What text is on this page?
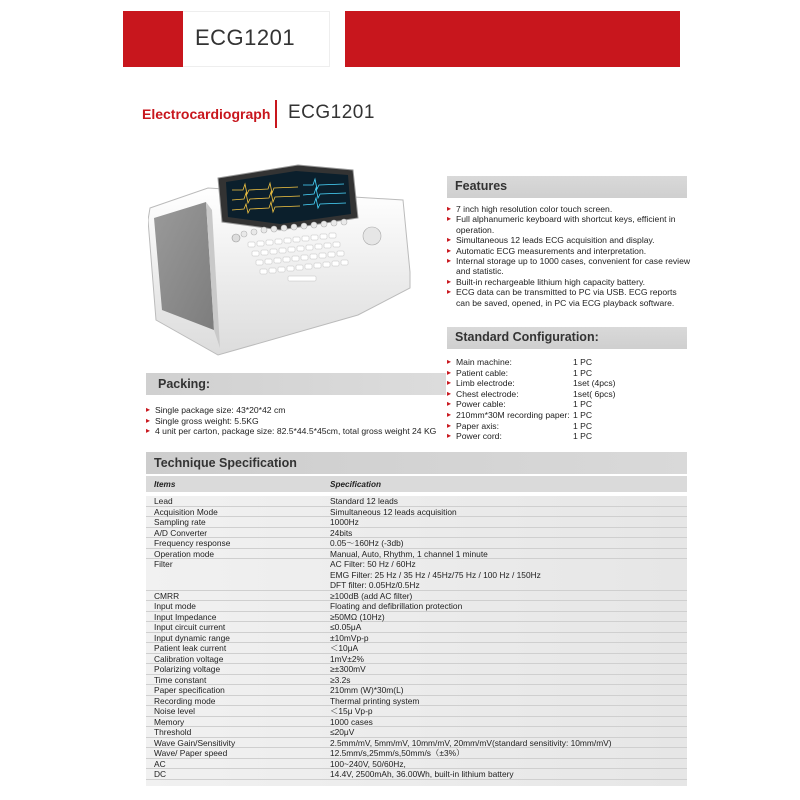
ECG1201
Electrocardiograph ECG1201
Features
▸ 7 inch high resolution color touch screen.
▸ Full alphanumeric keyboard with shortcut keys, efficient in operation.
▸ Simultaneous 12 leads ECG acquisition and display.
▸ Automatic ECG measurements and interpretation.
▸ Internal storage up to 1000 cases, convenient for case review and statistic.
▸ Built-in rechargeable lithium high capacity battery.
▸ ECG data can be transmitted to PC via USB. ECG reports can be saved, opened, in PC via ECG playback software.
Standard Configuration:
▸ Main machine:	1 PC
▸ Patient cable:	1 PC
▸ Limb electrode:	1set (4pcs)
▸ Chest electrode:	1set( 6pcs)
▸ Power cable:	1 PC
▸ 210mm*30M recording paper: 1 PC
▸ Paper axis:	1 PC
▸ Power cord:	1 PC
Packing:
▸ Single package size: 43*20*42 cm
▸ Single gross weight: 5.5KG
▸ 4 unit per carton, package size: 82.5*44.5*45cm, total gross weight 24 KG
Technique Specification
Items	Specification
Lead	Standard 12 leads
Acquisition Mode	Simultaneous 12 leads acquisition
Sampling rate	1000Hz
A/D Converter	24bits
Frequency response	0.05～160Hz (-3db)
Operation mode	Manual, Auto, Rhythm, 1 channel 1 minute
Filter	AC Filter: 50 Hz / 60Hz
EMG Filter: 25 Hz / 35 Hz / 45Hz/75 Hz / 100 Hz / 150Hz
DFT filter: 0.05Hz/0.5Hz
CMRR	≥100dB (add AC filter)
Input mode	Floating and defibrillation protection
Input Impedance	≥50MΩ (10Hz)
Input circuit current	≤0.05μA
Input dynamic range	±10mVp-p
Patient leak current	＜10μA
Calibration voltage	1mV±2%
Polarizing voltage	≥±300mV
Time constant	≥3.2s
Paper specification	210mm (W)*30m(L)
Recording mode	Thermal printing system
Noise level	＜15μ Vp-p
Memory	1000 cases
Threshold	≤20μV
Wave Gain/Sensitivity	2.5mm/mV, 5mm/mV, 10mm/mV, 20mm/mV(standard sensitivity: 10mm/mV)
Wave/ Paper speed	12.5mm/s,25mm/s,50mm/s（±3%）
AC	100~240V, 50/60Hz,
DC	14.4V, 2500mAh, 36.00Wh, built-in lithium battery
